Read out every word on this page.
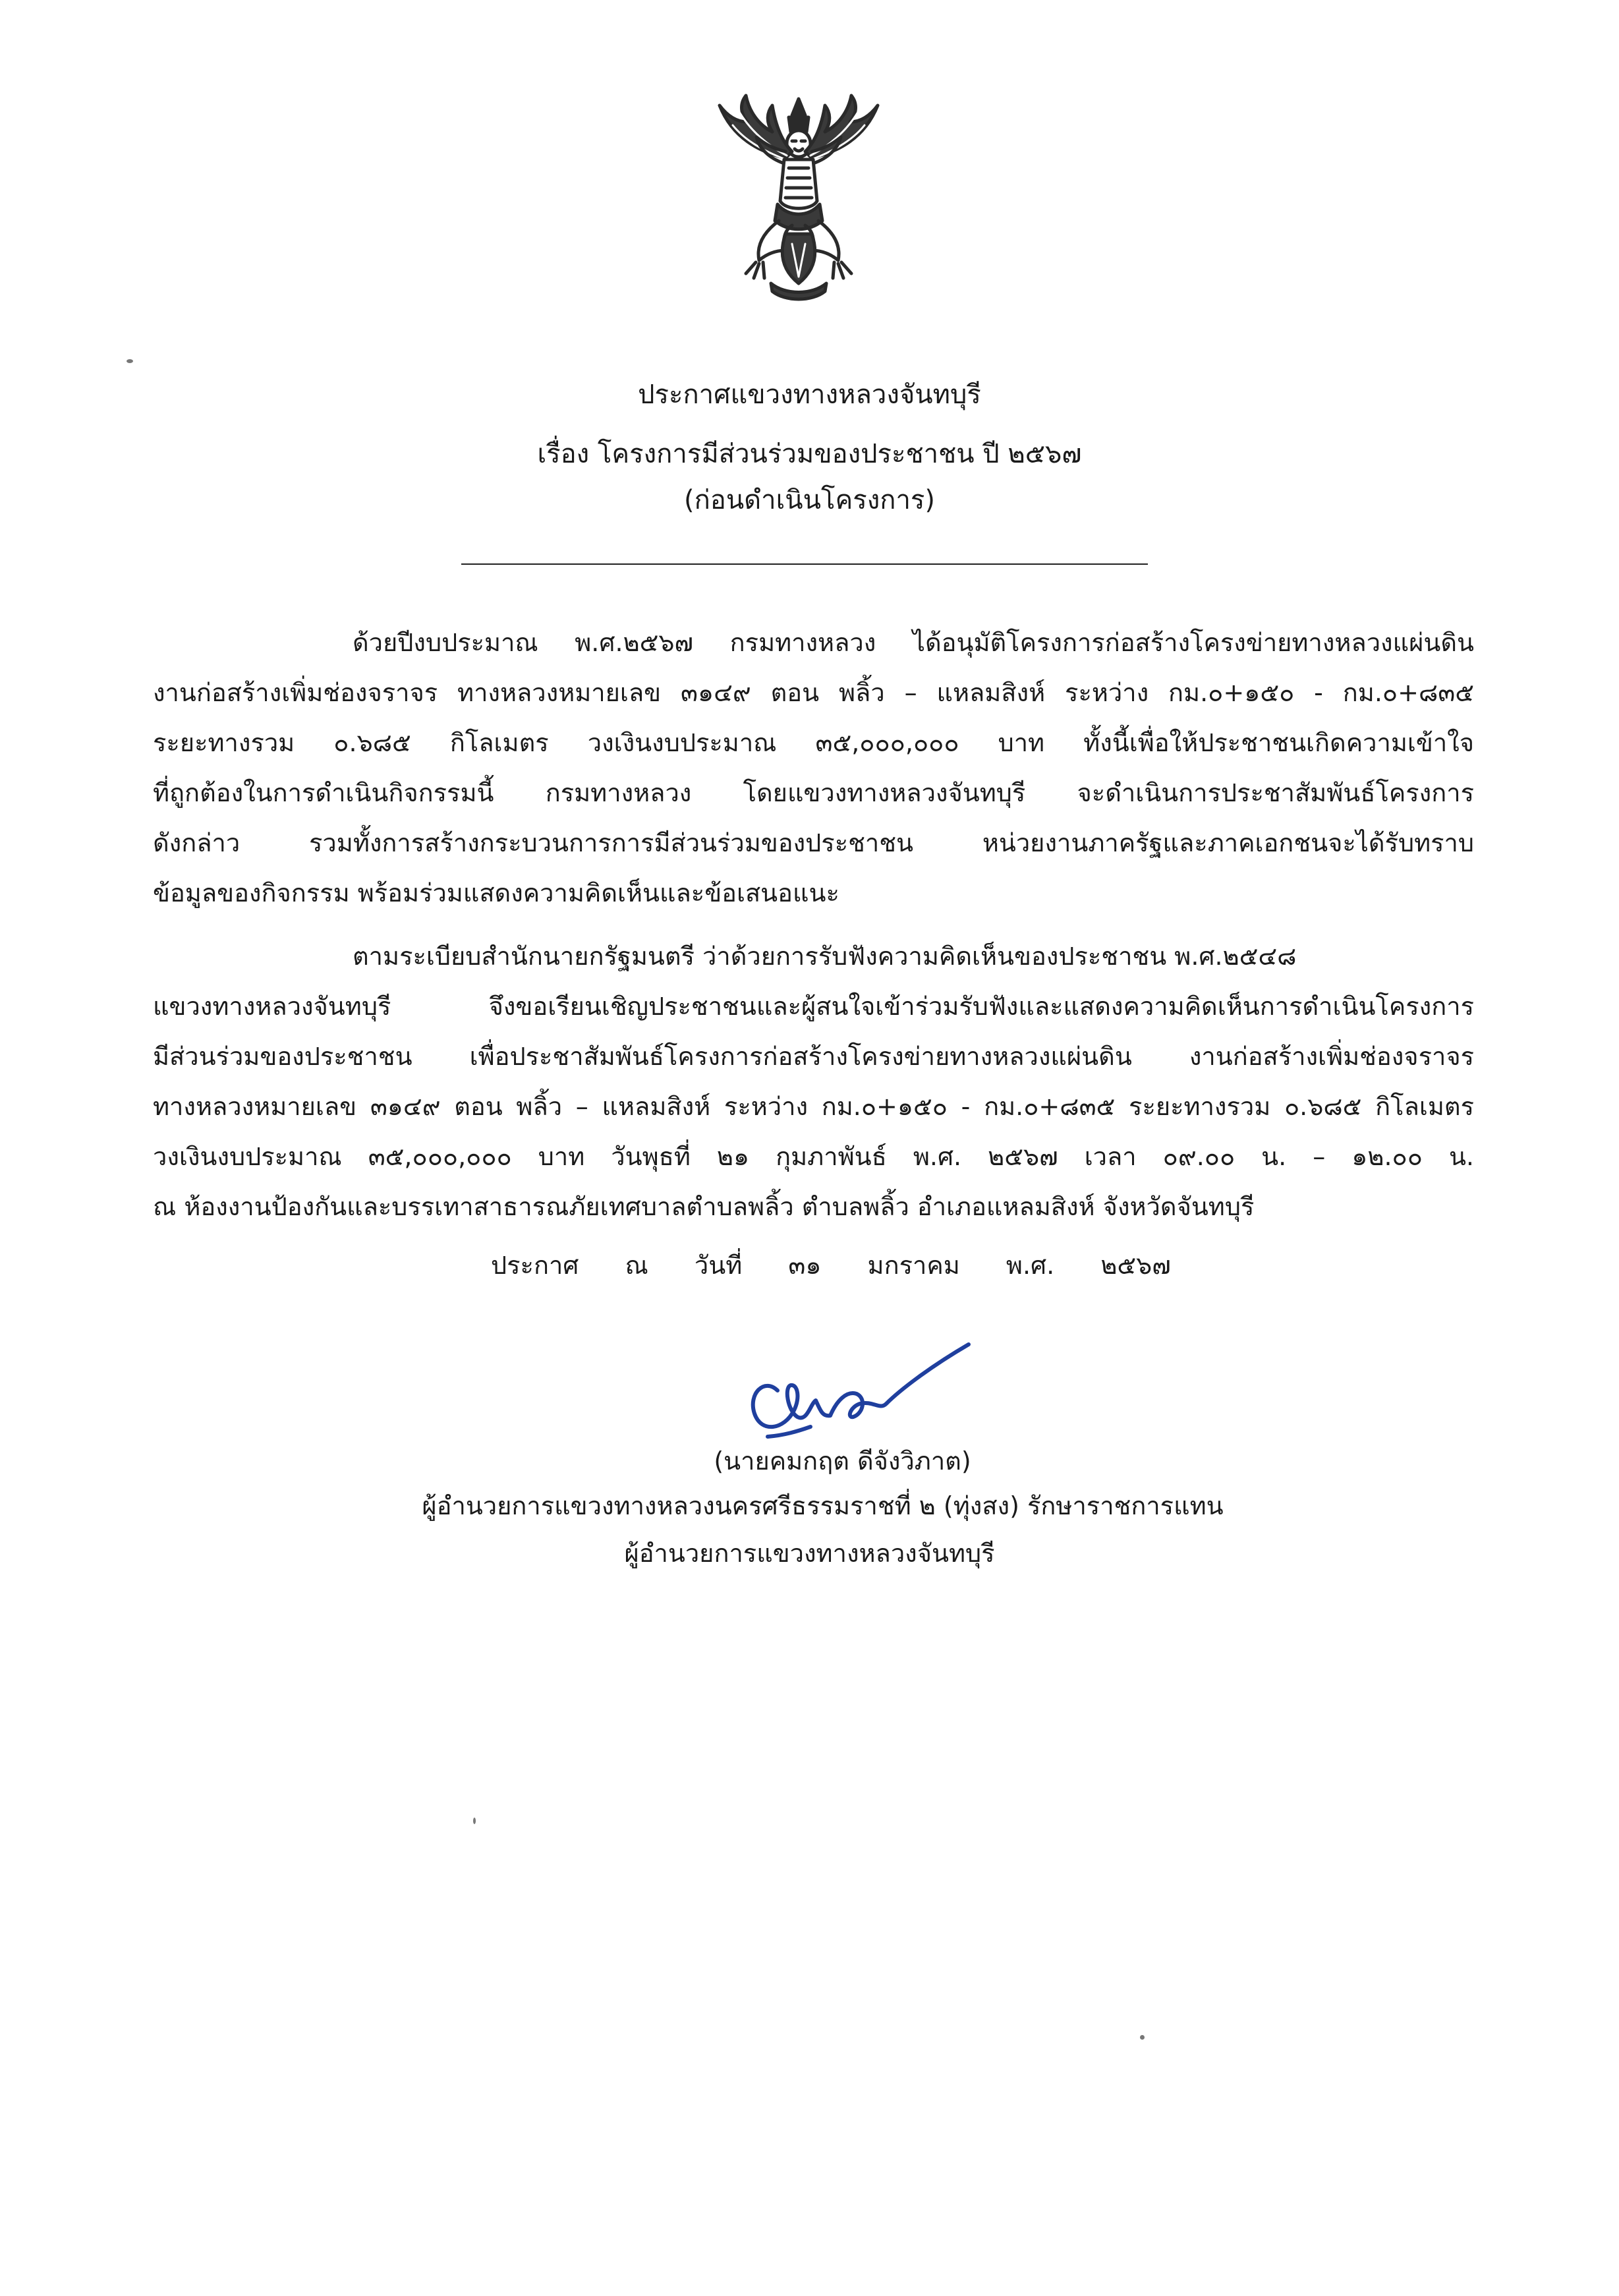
ประกาศแขวงทางหลวงจันทบุรี
เรื่อง โครงการมีส่วนร่วมของประชาชน ปี ๒๕๖๗
(ก่อนดำเนินโครงการ)
ด้วยปีงบประมาณ พ.ศ.๒๕๖๗ กรมทางหลวง ได้อนุมัติโครงการก่อสร้างโครงข่ายทางหลวงแผ่นดิน
งานก่อสร้างเพิ่มช่องจราจร ทางหลวงหมายเลข ๓๑๔๙ ตอน พลิ้ว – แหลมสิงห์ ระหว่าง กม.๐+๑๕๐ - กม.๐+๘๓๕
ระยะทางรวม ๐.๖๘๕ กิโลเมตร วงเงินงบประมาณ ๓๕,๐๐๐,๐๐๐ บาท ทั้งนี้เพื่อให้ประชาชนเกิดความเข้าใจ
ที่ถูกต้องในการดำเนินกิจกรรมนี้ กรมทางหลวง โดยแขวงทางหลวงจันทบุรี จะดำเนินการประชาสัมพันธ์โครงการ
ดังกล่าว รวมทั้งการสร้างกระบวนการการมีส่วนร่วมของประชาชน หน่วยงานภาครัฐและภาคเอกชนจะได้รับทราบ
ข้อมูลของกิจกรรม พร้อมร่วมแสดงความคิดเห็นและข้อเสนอแนะ
ตามระเบียบสำนักนายกรัฐมนตรี ว่าด้วยการรับฟังความคิดเห็นของประชาชน พ.ศ.๒๕๔๘
แขวงทางหลวงจันทบุรี จึงขอเรียนเชิญประชาชนและผู้สนใจเข้าร่วมรับฟังและแสดงความคิดเห็นการดำเนินโครงการ
มีส่วนร่วมของประชาชน เพื่อประชาสัมพันธ์โครงการก่อสร้างโครงข่ายทางหลวงแผ่นดิน งานก่อสร้างเพิ่มช่องจราจร
ทางหลวงหมายเลข ๓๑๔๙ ตอน พลิ้ว – แหลมสิงห์ ระหว่าง กม.๐+๑๕๐ - กม.๐+๘๓๕ ระยะทางรวม ๐.๖๘๕ กิโลเมตร
วงเงินงบประมาณ ๓๕,๐๐๐,๐๐๐ บาท วันพุธที่ ๒๑ กุมภาพันธ์ พ.ศ. ๒๕๖๗ เวลา ๐๙.๐๐ น. – ๑๒.๐๐ น.
ณ ห้องงานป้องกันและบรรเทาสาธารณภัยเทศบาลตำบลพลิ้ว ตำบลพลิ้ว อำเภอแหลมสิงห์ จังหวัดจันทบุรี
ประกาศ ณ วันที่ ๓๑ มกราคม พ.ศ. ๒๕๖๗
(นายคมกฤต ดีจังวิภาต)
ผู้อำนวยการแขวงทางหลวงนครศรีธรรมราชที่ ๒ (ทุ่งสง) รักษาราชการแทน
ผู้อำนวยการแขวงทางหลวงจันทบุรี
